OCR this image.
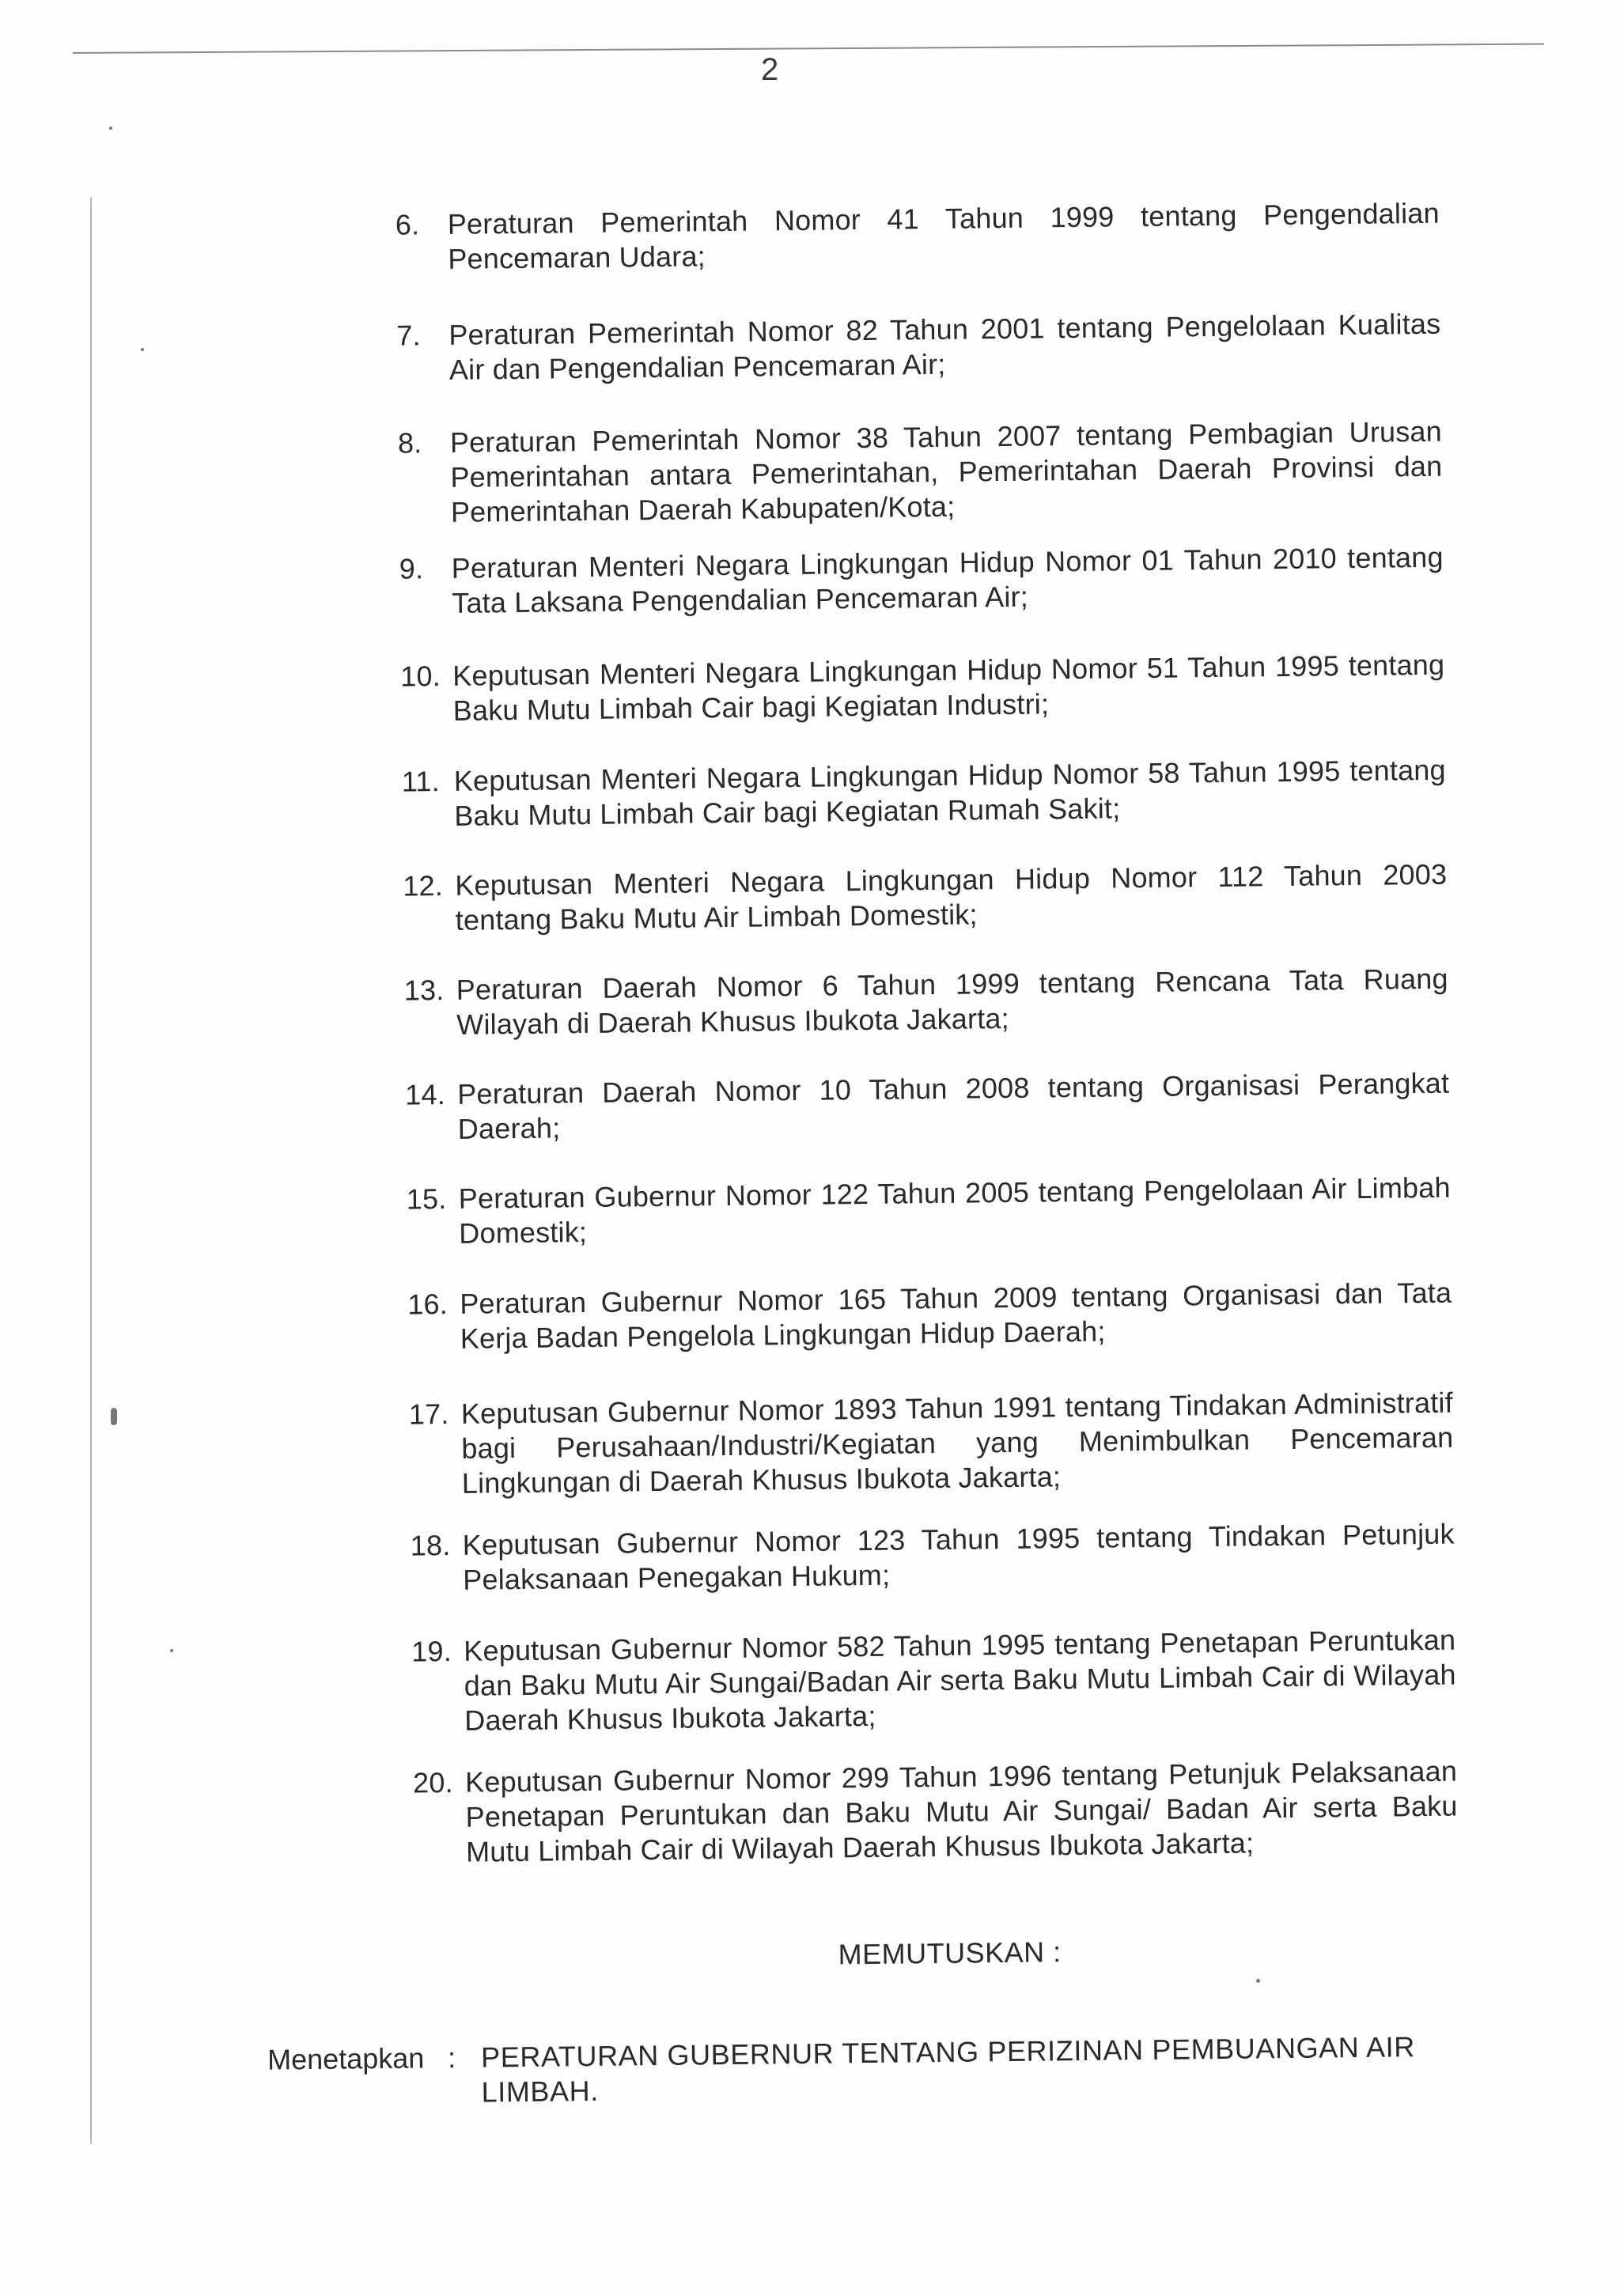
2
6. Peraturan Pemerintah Nomor 41 Tahun 1999 tentang Pengendalian Pencemaran Udara;
7. Peraturan Pemerintah Nomor 82 Tahun 2001 tentang Pengelolaan Kualitas Air dan Pengendalian Pencemaran Air;
8. Peraturan Pemerintah Nomor 38 Tahun 2007 tentang Pembagian Urusan Pemerintahan antara Pemerintahan, Pemerintahan Daerah Provinsi dan Pemerintahan Daerah Kabupaten/Kota;
9. Peraturan Menteri Negara Lingkungan Hidup Nomor 01 Tahun 2010 tentang Tata Laksana Pengendalian Pencemaran Air;
10. Keputusan Menteri Negara Lingkungan Hidup Nomor 51 Tahun 1995 tentang Baku Mutu Limbah Cair bagi Kegiatan Industri;
11. Keputusan Menteri Negara Lingkungan Hidup Nomor 58 Tahun 1995 tentang Baku Mutu Limbah Cair bagi Kegiatan Rumah Sakit;
12. Keputusan Menteri Negara Lingkungan Hidup Nomor 112 Tahun 2003 tentang Baku Mutu Air Limbah Domestik;
13. Peraturan Daerah Nomor 6 Tahun 1999 tentang Rencana Tata Ruang Wilayah di Daerah Khusus Ibukota Jakarta;
14. Peraturan Daerah Nomor 10 Tahun 2008 tentang Organisasi Perangkat Daerah;
15. Peraturan Gubernur Nomor 122 Tahun 2005 tentang Pengelolaan Air Limbah Domestik;
16. Peraturan Gubernur Nomor 165 Tahun 2009 tentang Organisasi dan Tata Kerja Badan Pengelola Lingkungan Hidup Daerah;
17. Keputusan Gubernur Nomor 1893 Tahun 1991 tentang Tindakan Administratif bagi Perusahaan/Industri/Kegiatan yang Menimbulkan Pencemaran Lingkungan di Daerah Khusus Ibukota Jakarta;
18. Keputusan Gubernur Nomor 123 Tahun 1995 tentang Tindakan Petunjuk Pelaksanaan Penegakan Hukum;
19. Keputusan Gubernur Nomor 582 Tahun 1995 tentang Penetapan Peruntukan dan Baku Mutu Air Sungai/Badan Air serta Baku Mutu Limbah Cair di Wilayah Daerah Khusus Ibukota Jakarta;
20. Keputusan Gubernur Nomor 299 Tahun 1996 tentang Petunjuk Pelaksanaan Penetapan Peruntukan dan Baku Mutu Air Sungai/ Badan Air serta Baku Mutu Limbah Cair di Wilayah Daerah Khusus Ibukota Jakarta;
MEMUTUSKAN :
Menetapkan : PERATURAN GUBERNUR TENTANG PERIZINAN PEMBUANGAN AIR LIMBAH.
